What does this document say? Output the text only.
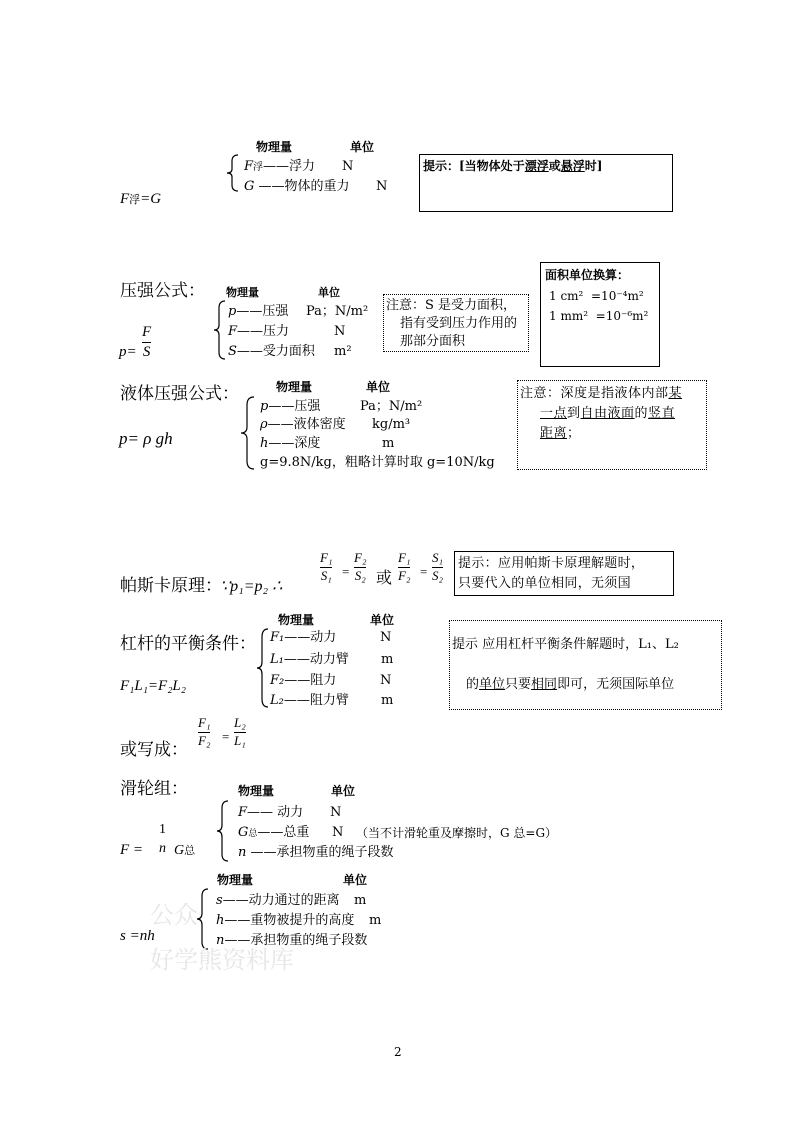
物理量	单位
F浮——浮力 N
G ——物体的重力 N
F浮=G
提示：[当物体处于漂浮或悬浮时]
压强公式： 物理量	单位
p——压强 Pa；N/m²
F——压力	N
S——受力面积 m²
p=
F
S
注意：S 是受力面积，
指有受到压力作用的
那部分面积
面积单位换算：
1 cm² =10⁻⁴m²
1 mm² =10⁻⁶m²
液体压强公式：	物理量	单位
p——压强	Pa；N/m²
ρ——液体密度 kg/m³
h——深度	m
g=9.8N/kg，粗略计算时取 g=10N/kg
p= ρ gh
注意：深度是指液体内部某
一点到自由液面的竖直
距离；
帕斯卡原理：
∵p₁=p₂ ∴
F₁
S₁ =
F₂
S₂ 或
F₁
F₂ =
S₁
S₂
提示：应用帕斯卡原理解题时，
只要代入的单位相同，无须国
杠杆的平衡条件：
物理量	单位
F₁——动力	N
L₁——动力臂 m
F₂——阻力	N
L₂——阻力臂 m
F₁L₁=F₂L₂
或写成：
F₁
F₂ =
L₂
L₁
提示 应用杠杆平衡条件解题时，L₁、L₂
的单位只要相同即可，无须国际单位
滑轮组：	物理量	单位
F—— 动力 N
G总——总重 N （当不计滑轮重及摩擦时，G 总=G）
n ——承担物重的绳子段数
F =
1
n G总
物理量	单位
s——动力通过的距离 m
h——重物被提升的高度 m
n——承担物重的绳子段数
s =nh
公众
好学熊资料库
2
